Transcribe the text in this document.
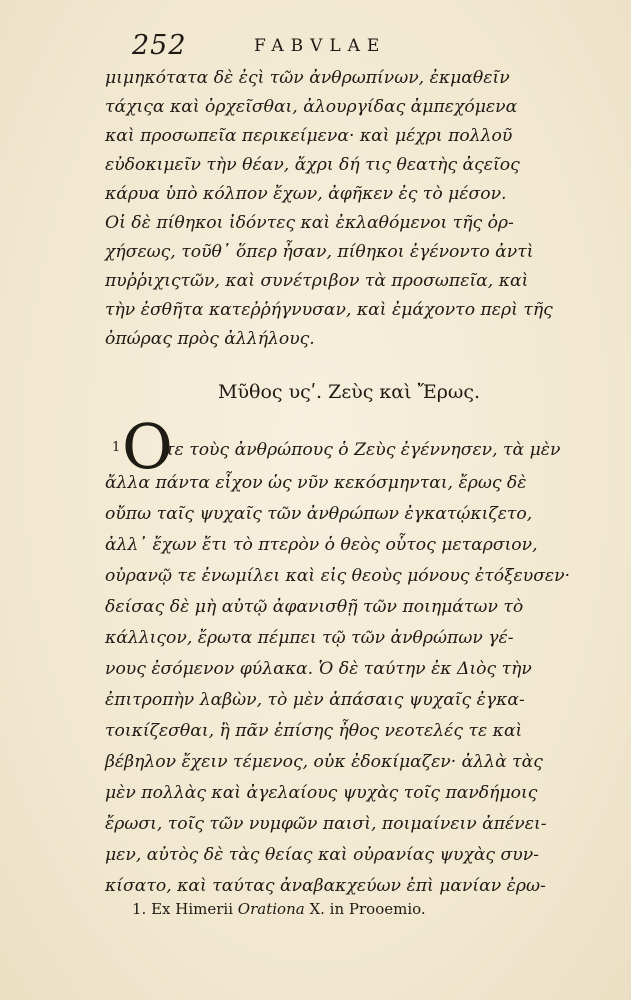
252	FABVLAE
μιμηκότατα δὲ ἐςὶ τῶν ἀνθρωπίνων, ἐκμαθεῖν
τάχιςα καὶ ὀρχεῖσθαι, ἀλουργίδας ἀμπεχόμενα
καὶ προσωπεῖα περικείμενα· καὶ μέχρι πολλοῦ
εὐδοκιμεῖν τὴν θέαν, ἄχρι δή τις θεατὴς ἀςεῖος
κάρυα ὑπὸ κόλπον ἔχων, ἀφῆκεν ἐς τὸ μέσον.
Οἱ δὲ πίθηκοι ἰδόντες καὶ ἐκλαθόμενοι τῆς ὀρ-
χήσεως, τοῦθ᾽ ὅπερ ἦσαν, πίθηκοι ἐγένοντο ἀντὶ
πυῤῥιχιςτῶν, καὶ συνέτριβον τὰ προσωπεῖα, καὶ
τὴν ἐσθῆτα κατεῤῥήγνυσαν, καὶ ἐμάχοντο περὶ τῆς
ὀπώρας πρὸς ἀλλήλους.
Μῦθος υςʹ. Ζεὺς καὶ Ἔρως.
1 Ο
τε τοὺς ἀνθρώπους ὁ Ζεὺς ἐγέννησεν, τὰ μὲν
ἄλλα πάντα εἶχον ὡς νῦν κεκόσμηνται, ἔρως δὲ
οὔπω ταῖς ψυχαῖς τῶν ἀνθρώπων ἐγκατῴκιζετο,
ἀλλ᾽ ἔχων ἔτι τὸ πτερὸν ὁ θεὸς οὗτος μεταρσιον,
οὐρανῷ τε ἐνωμίλει καὶ εἰς θεοὺς μόνους ἐτόξευσεν·
δείσας δὲ μὴ αὐτῷ ἀφανισθῇ τῶν ποιημάτων τὸ
κάλλιςον, ἔρωτα πέμπει τῷ τῶν ἀνθρώπων γέ-
νους ἐσόμενον φύλακα. Ὁ δὲ ταύτην ἐκ Διὸς τὴν
ἐπιτροπὴν λαβὼν, τὸ μὲν ἁπάσαις ψυχαῖς ἐγκα-
τοικίζεσθαι, ἢ πᾶν ἐπίσης ἦθος νεοτελές τε καὶ
βέβηλον ἔχειν τέμενος, οὐκ ἐδοκίμαζεν· ἀλλὰ τὰς
μὲν πολλὰς καὶ ἀγελαίους ψυχὰς τοῖς πανδήμοις
ἔρωσι, τοῖς τῶν νυμφῶν παισὶ, ποιμαίνειν ἀπένει-
μεν, αὐτὸς δὲ τὰς θείας καὶ οὐρανίας ψυχὰς συν-
κίσατο, καὶ ταύτας ἀναβακχεύων ἐπὶ μανίαν ἐρω-
1. Ex Himerii Orationa X. in Prooemio.
